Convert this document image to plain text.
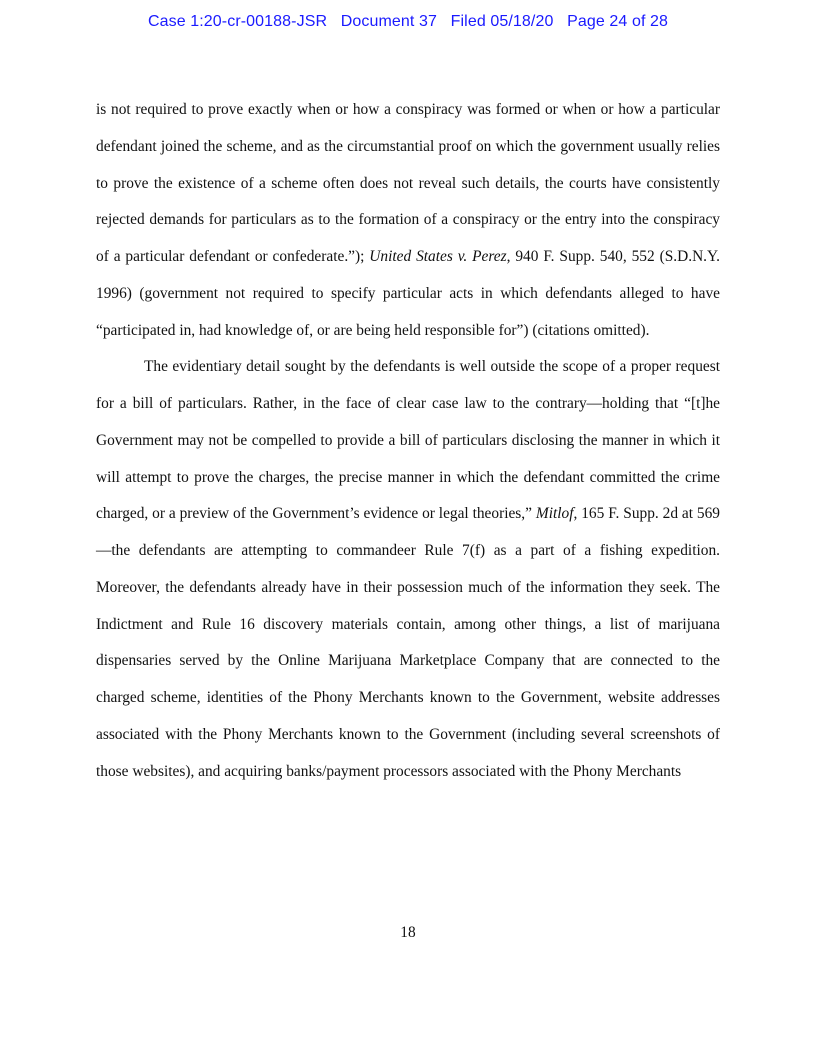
Case 1:20-cr-00188-JSR   Document 37   Filed 05/18/20   Page 24 of 28

is not required to prove exactly when or how a conspiracy was formed or when or how a particular defendant joined the scheme, and as the circumstantial proof on which the government usually relies to prove the existence of a scheme often does not reveal such details, the courts have consistently rejected demands for particulars as to the formation of a conspiracy or the entry into the conspiracy of a particular defendant or confederate.”); United States v. Perez, 940 F. Supp. 540, 552 (S.D.N.Y. 1996) (government not required to specify particular acts in which defendants alleged to have “participated in, had knowledge of, or are being held responsible for”) (citations omitted).

The evidentiary detail sought by the defendants is well outside the scope of a proper request for a bill of particulars. Rather, in the face of clear case law to the contrary—holding that “[t]he Government may not be compelled to provide a bill of particulars disclosing the manner in which it will attempt to prove the charges, the precise manner in which the defendant committed the crime charged, or a preview of the Government’s evidence or legal theories,” Mitlof, 165 F. Supp. 2d at 569—the defendants are attempting to commandeer Rule 7(f) as a part of a fishing expedition. Moreover, the defendants already have in their possession much of the information they seek. The Indictment and Rule 16 discovery materials contain, among other things, a list of marijuana dispensaries served by the Online Marijuana Marketplace Company that are connected to the charged scheme, identities of the Phony Merchants known to the Government, website addresses associated with the Phony Merchants known to the Government (including several screenshots of those websites), and acquiring banks/payment processors associated with the Phony Merchants

18
